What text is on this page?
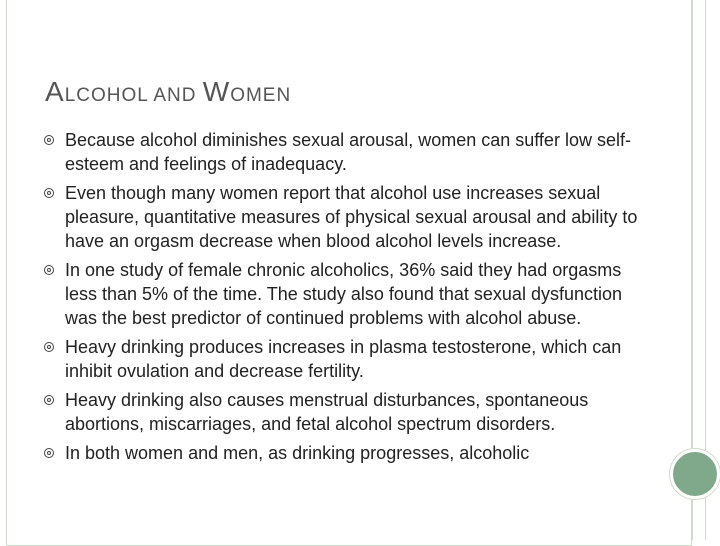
ALCOHOL AND WOMEN
Because alcohol diminishes sexual arousal, women can suffer low self-esteem and feelings of inadequacy.
Even though many women report that alcohol use increases sexual pleasure, quantitative measures of physical sexual arousal and ability to have an orgasm decrease when blood alcohol levels increase.
In one study of female chronic alcoholics, 36% said they had orgasms less than 5% of the time. The study also found that sexual dysfunction was the best predictor of continued problems with alcohol abuse.
Heavy drinking produces increases in plasma testosterone, which can inhibit ovulation and decrease fertility.
Heavy drinking also causes menstrual disturbances, spontaneous abortions, miscarriages, and fetal alcohol spectrum disorders.
In both women and men, as drinking progresses, alcoholic
